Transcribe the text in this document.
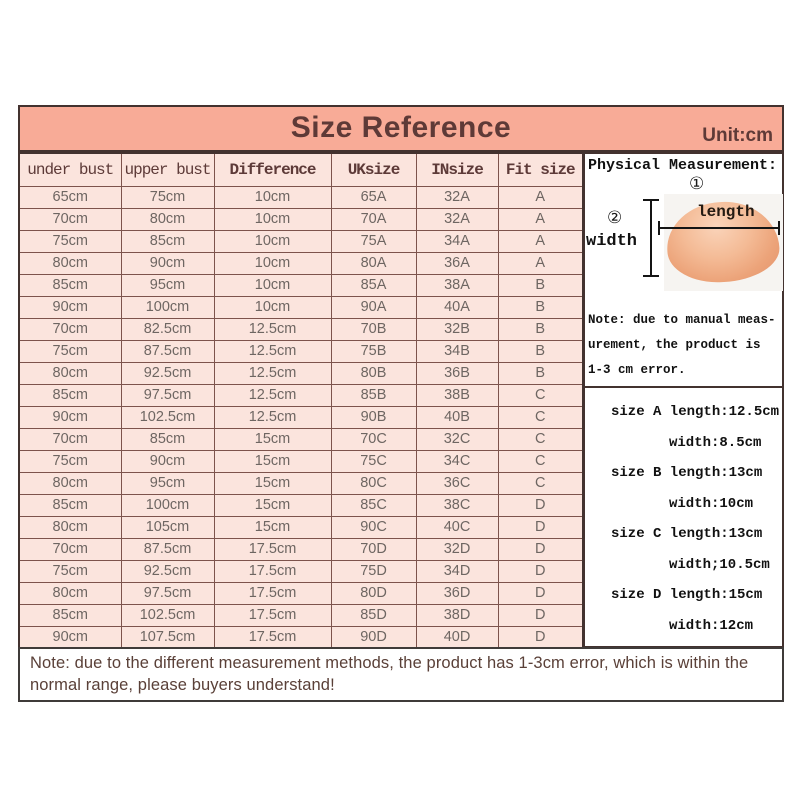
Size Reference	Unit:cm
under bust	upper bust	Difference	UKsize	INsize	Fit size
65cm	75cm	10cm	65A	32A	A
70cm	80cm	10cm	70A	32A	A
75cm	85cm	10cm	75A	34A	A
80cm	90cm	10cm	80A	36A	A
85cm	95cm	10cm	85A	38A	B
90cm	100cm	10cm	90A	40A	B
70cm	82.5cm	12.5cm	70B	32B	B
75cm	87.5cm	12.5cm	75B	34B	B
80cm	92.5cm	12.5cm	80B	36B	B
85cm	97.5cm	12.5cm	85B	38B	C
90cm	102.5cm	12.5cm	90B	40B	C
70cm	85cm	15cm	70C	32C	C
75cm	90cm	15cm	75C	34C	C
80cm	95cm	15cm	80C	36C	C
85cm	100cm	15cm	85C	38C	D
80cm	105cm	15cm	90C	40C	D
70cm	87.5cm	17.5cm	70D	32D	D
75cm	92.5cm	17.5cm	75D	34D	D
80cm	97.5cm	17.5cm	80D	36D	D
85cm	102.5cm	17.5cm	85D	38D	D
90cm	107.5cm	17.5cm	90D	40D	D
Physical Measurement:
①
②	length
width
Note: due to manual meas-
urement, the product is
1-3 cm error.
size A length:12.5cm
width:8.5cm
size B length:13cm
width:10cm
size C length:13cm
width;10.5cm
size D length:15cm
width:12cm
Note: due to the different measurement methods, the product has 1-3cm error, which is within the normal range, please buyers understand!
